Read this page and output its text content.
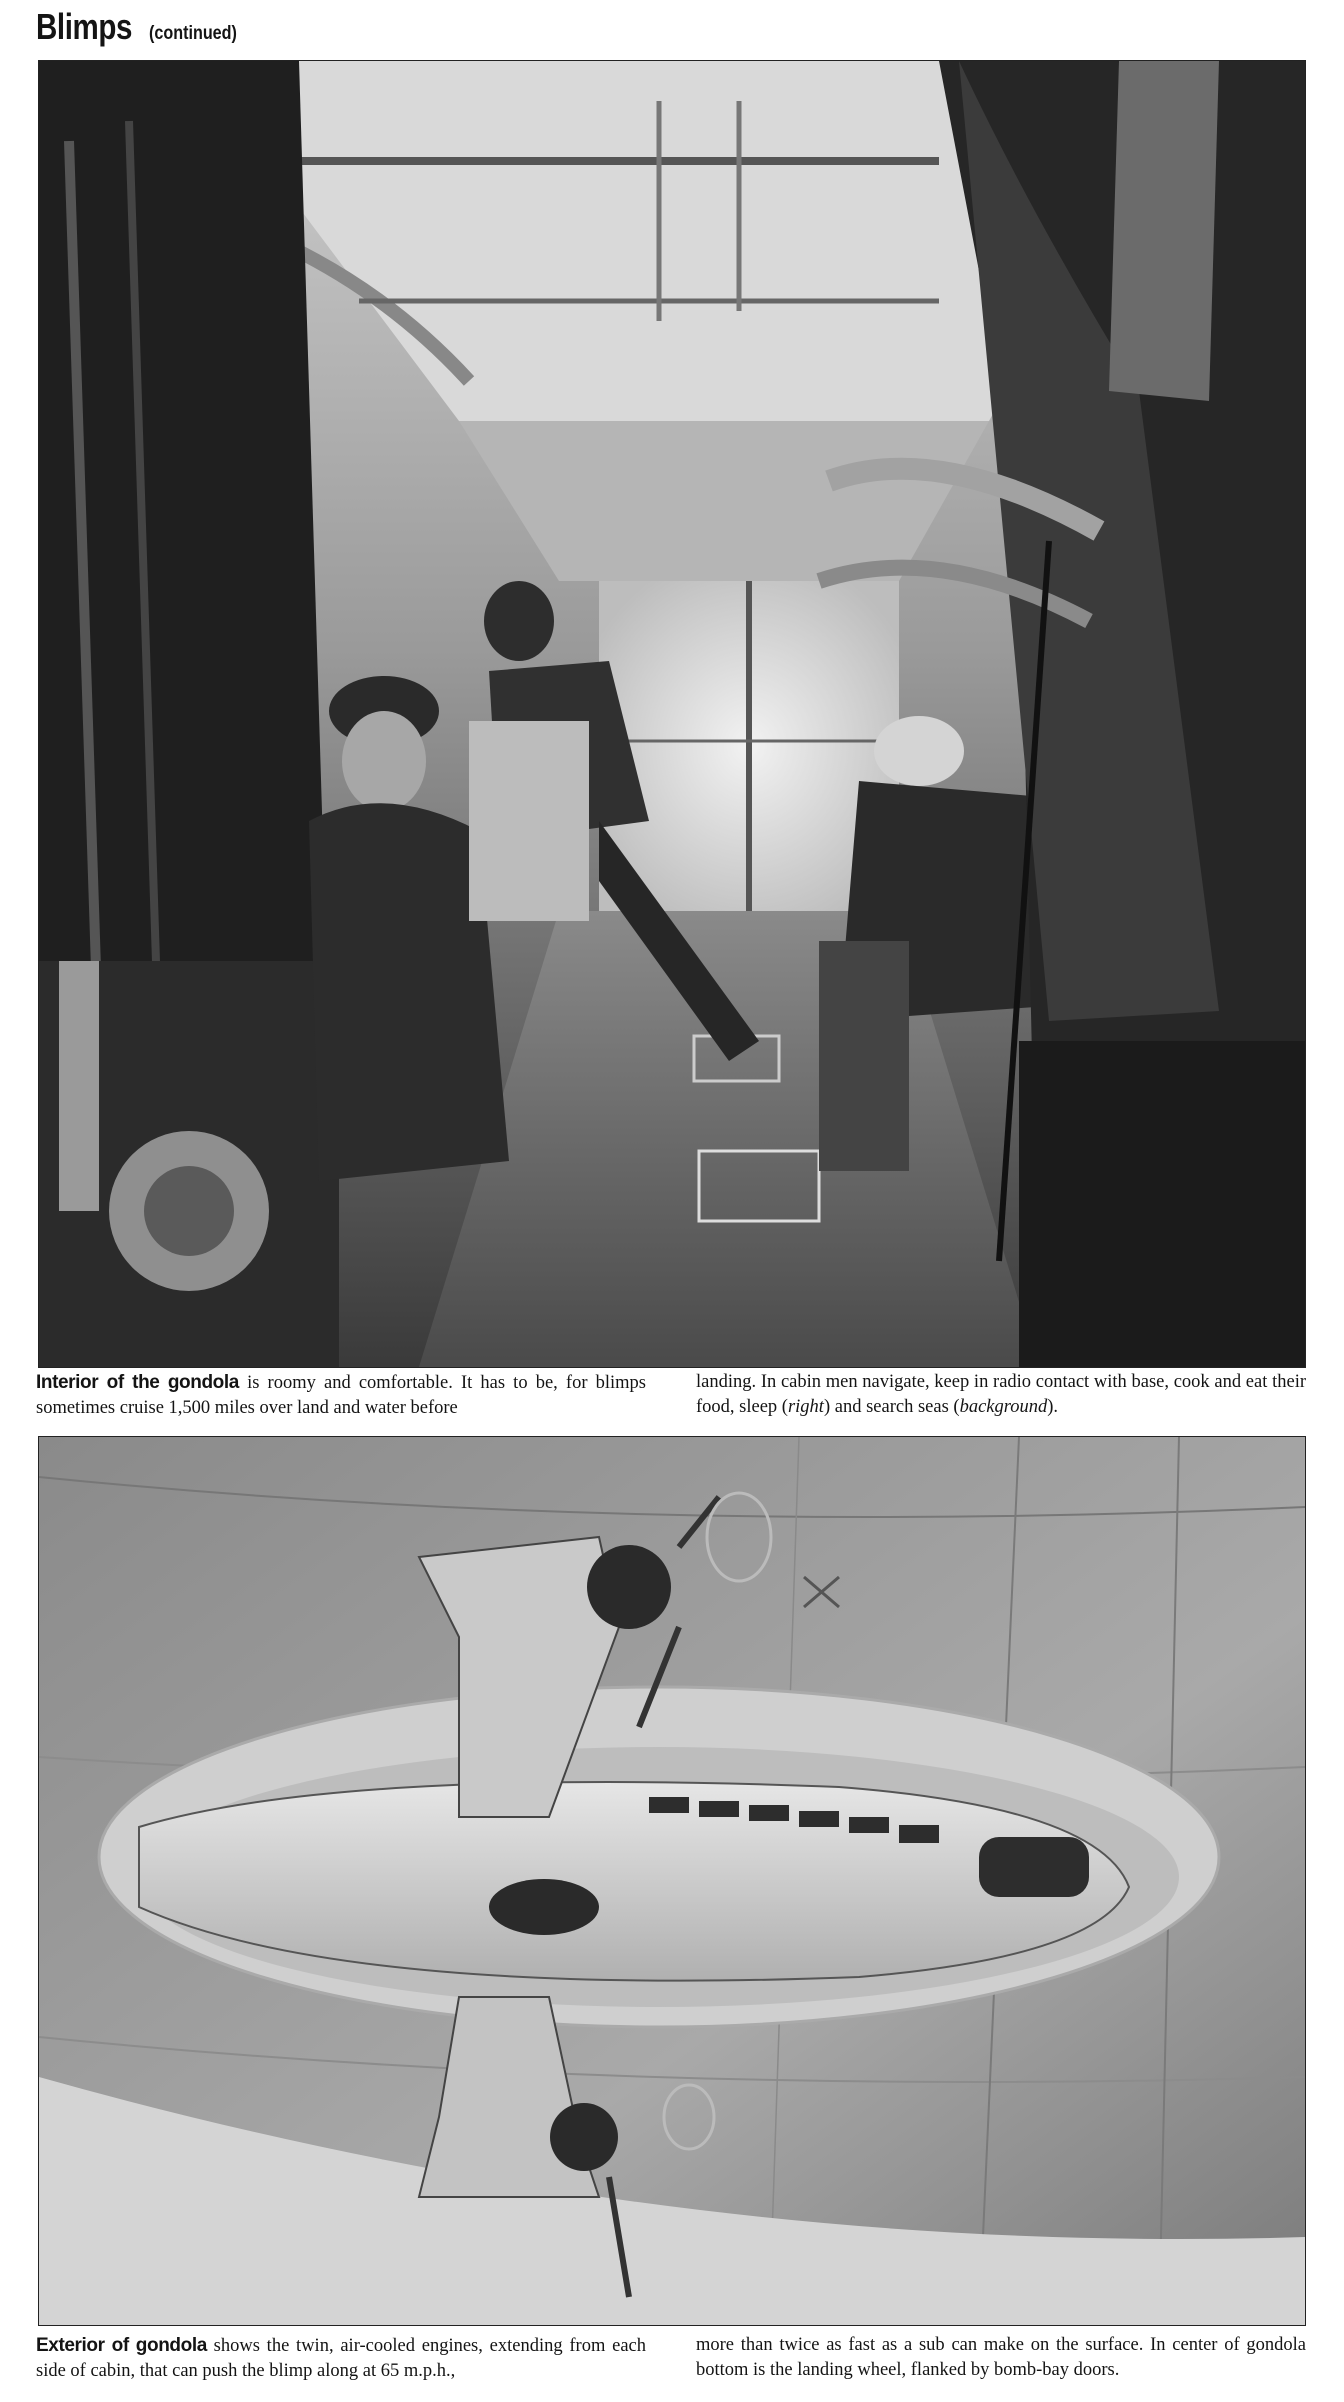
Blimps (continued)
Interior of the gondola is roomy and comfortable. It has to be, for blimps sometimes cruise 1,500 miles over land and water before
landing. In cabin men navigate, keep in radio contact with base, cook and eat their food, sleep (right) and search seas (background).
Exterior of gondola shows the twin, air-cooled engines, extending from each side of cabin, that can push the blimp along at 65 m.p.h.,
more than twice as fast as a sub can make on the surface. In center of gondola bottom is the landing wheel, flanked by bomb-bay doors.
